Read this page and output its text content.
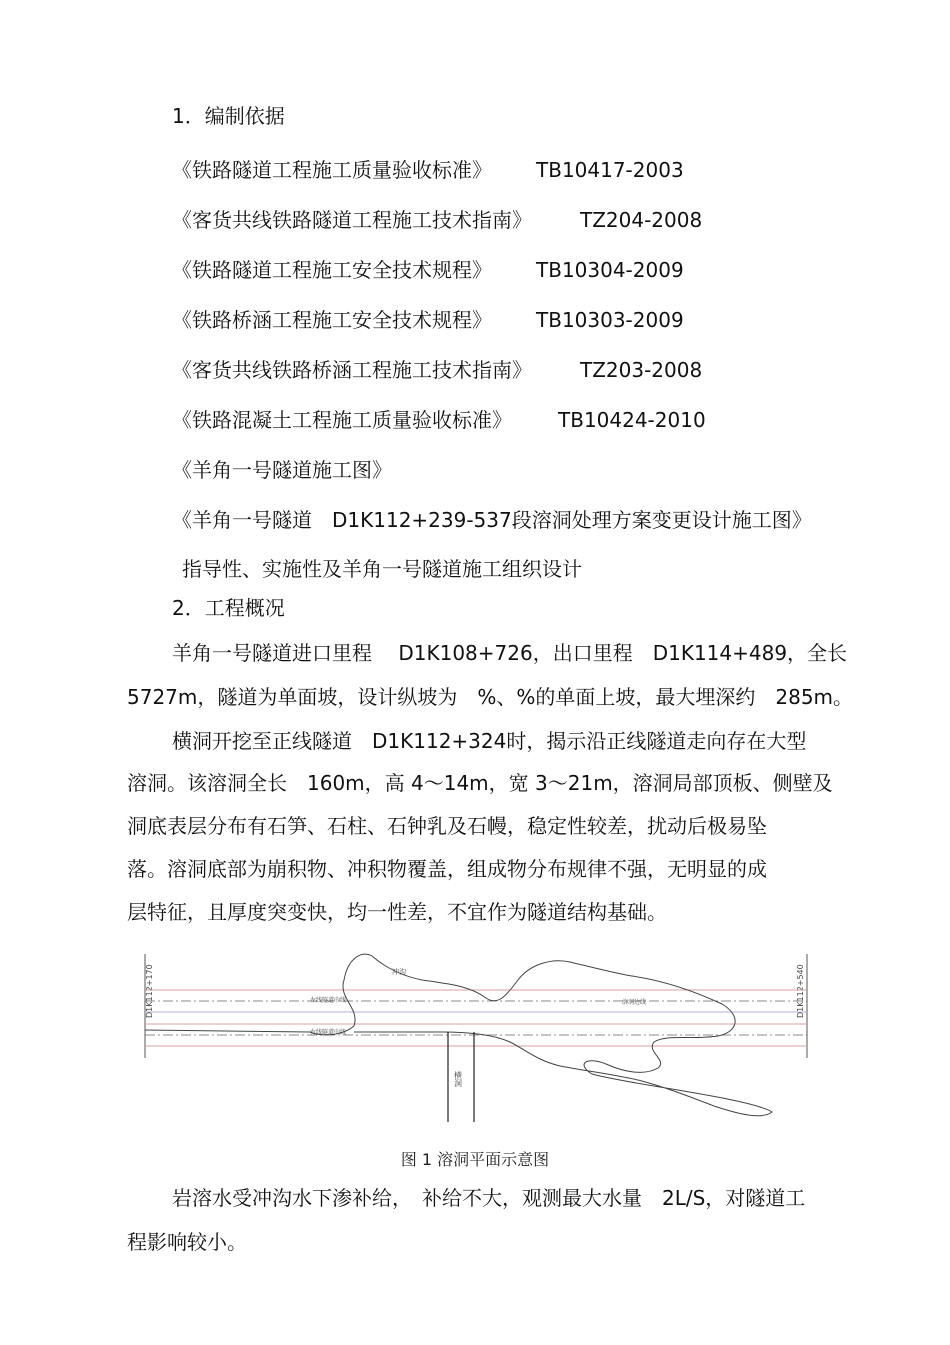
1．编制依据
《铁路隧道工程施工质量验收标准》 TB10417-2003
《客货共线铁路隧道工程施工技术指南》 TZ204-2008
《铁路隧道工程施工安全技术规程》 TB10304-2009
《铁路桥涵工程施工安全技术规程》 TB10303-2009
《客货共线铁路桥涵工程施工技术指南》 TZ203-2008
《铁路混凝土工程施工质量验收标准》 TB10424-2010
《羊角一号隧道施工图》
《羊角一号隧道　D1K112+239-537段溶洞处理方案变更设计施工图》
指导性、实施性及羊角一号隧道施工组织设计
2．工程概况
羊角一号隧道进口里程　 D1K108+726，出口里程　D1K114+489，全长
5727m，隧道为单面坡，设计纵坡为　%、%的单面上坡，最大埋深约　285m。
横洞开挖至正线隧道　D1K112+324时，揭示沿正线隧道走向存在大型
溶洞。该溶洞全长　160m，高 4～14m，宽 3～21m，溶洞局部顶板、侧壁及
洞底表层分布有石笋、石柱、石钟乳及石幔，稳定性较差，扰动后极易坠
落。溶洞底部为崩积物、冲积物覆盖，组成物分布规律不强，无明显的成
层特征，且厚度突变快，均一性差，不宜作为隧道结构基础。
D1K112+170	D1K112+540
横洞
冲沟
左线隧道中线
右线隧道中线
溶洞边线
图 1 溶洞平面示意图
岩溶水受冲沟水下渗补给，　补给不大，观测最大水量　2L/S，对隧道工
程影响较小。
